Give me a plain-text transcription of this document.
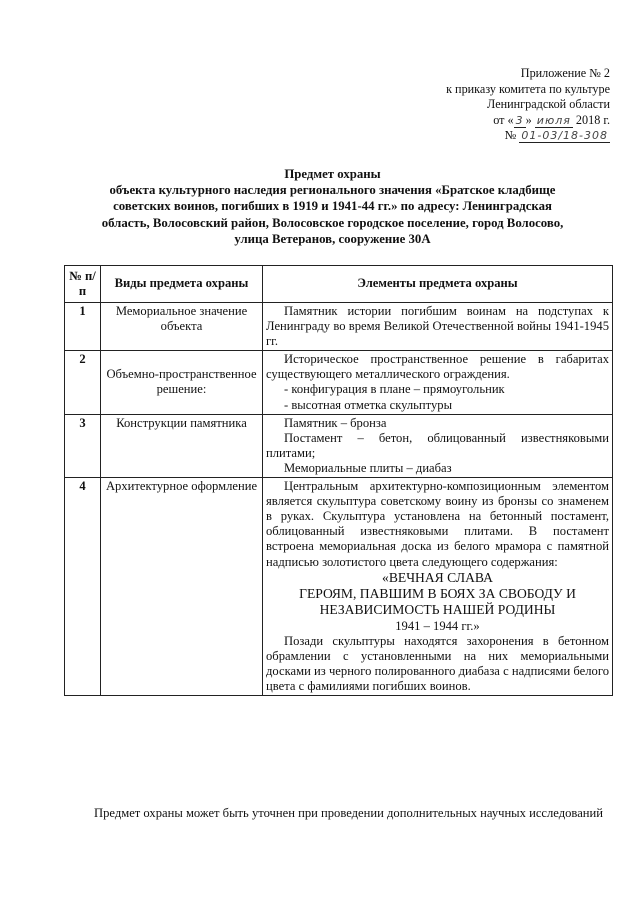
Приложение № 2
к приказу комитета по культуре
Ленинградской области
от « 3 » июля 2018 г.
№ 01-03/18-308
Предмет охраны
объекта культурного наследия регионального значения «Братское кладбище
советских воинов, погибших в 1919 и 1941-44 гг.» по адресу: Ленинградская
область, Волосовский район, Волосовское городское поселение, город Волосово,
улица Ветеранов, сооружение 30А
№ п/п	Виды предмета охраны	Элементы предмета охраны
1	Мемориальное значение объекта	Памятник истории погибшим воинам на подступах к Ленинграду во время Великой Отечественной войны 1941-1945 гг.

2	Объемно-пространственное решение:	Историческое пространственное решение в габаритах существующего металлического ограждения.
- конфигурация в плане – прямоугольник
- высотная отметка скульптуры

3	Конструкции памятника	Памятник – бронза
Постамент – бетон, облицованный известняковыми плитами;
Мемориальные плиты – диабаз

4	Архитектурное оформление	Центральным архитектурно-композиционным элементом является скульптура советскому воину из бронзы со знаменем в руках. Скульптура установлена на бетонный постамент, облицованный известняковыми плитами. В постамент встроена мемориальная доска из белого мрамора с памятной надписью золотистого цвета следующего содержания:
«ВЕЧНАЯ СЛАВА
ГЕРОЯМ, ПАВШИМ В БОЯХ ЗА СВОБОДУ И НЕЗАВИСИМОСТЬ НАШЕЙ РОДИНЫ
1941 – 1944 гг.»
Позади скульптуры находятся захоронения в бетонном обрамлении с установленными на них мемориальными досками из черного полированного диабаза с надписями белого цвета с фамилиями погибших воинов.
Предмет охраны может быть уточнен при проведении дополнительных научных исследований
